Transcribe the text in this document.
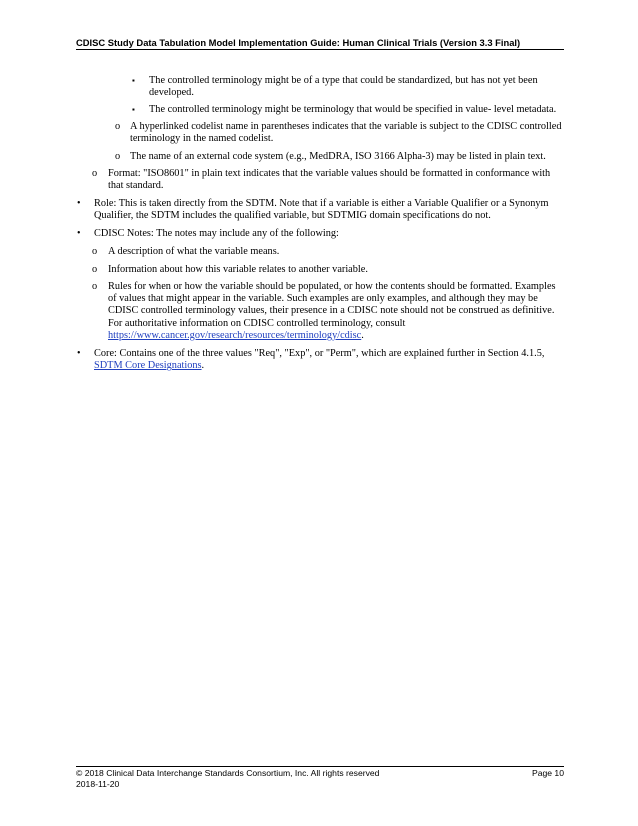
CDISC Study Data Tabulation Model Implementation Guide: Human Clinical Trials (Version 3.3 Final)
▪	The controlled terminology might be of a type that could be standardized, but has not yet been developed.
▪	The controlled terminology might be terminology that would be specified in value- level metadata.
o A hyperlinked codelist name in parentheses indicates that the variable is subject to the CDISC controlled terminology in the named codelist.
o The name of an external code system (e.g., MedDRA, ISO 3166 Alpha-3) may be listed in plain text.
o	Format: "ISO8601" in plain text indicates that the variable values should be formatted in conformance with that standard.
•	Role: This is taken directly from the SDTM. Note that if a variable is either a Variable Qualifier or a Synonym Qualifier, the SDTM includes the qualified variable, but SDTMIG domain specifications do not.
•	CDISC Notes: The notes may include any of the following:
o	A description of what the variable means.
o	Information about how this variable relates to another variable.
o	Rules for when or how the variable should be populated, or how the contents should be formatted. Examples of values that might appear in the variable. Such examples are only examples, and although they may be CDISC controlled terminology values, their presence in a CDISC note should not be construed as definitive. For authoritative information on CDISC controlled terminology, consult https://www.cancer.gov/research/resources/terminology/cdisc.
•	Core: Contains one of the three values "Req", "Exp", or "Perm", which are explained further in Section 4.1.5, SDTM Core Designations.
© 2018 Clinical Data Interchange Standards Consortium, Inc. All rights reserved	Page 10
2018-11-20
